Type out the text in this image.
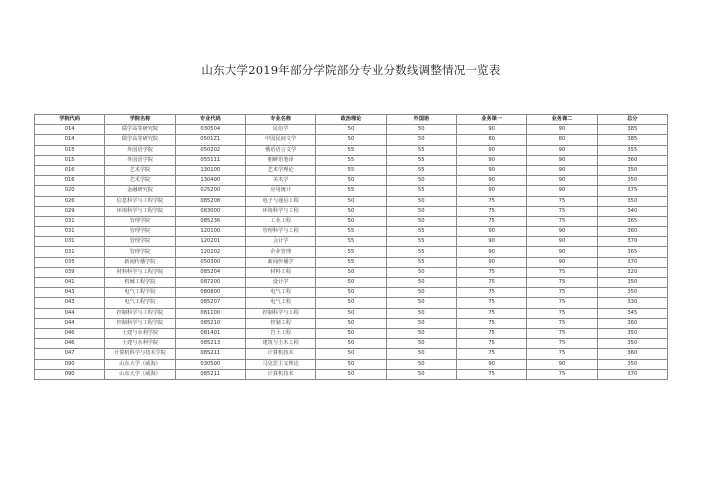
山东大学2019年部分学院部分专业分数线调整情况一览表
学院代码	学院名称	专业代码	专业名称	政治理论	外国语	业务课一	业务课二	总分
014	儒学高等研究院	030504	民俗学	50	50	90	90	385
014	儒学高等研究院	0501Z1	中国民间文学	50	50	80	80	385
015	外国语学院	050202	俄语语言文学	55	55	90	90	355
015	外国语学院	055111	朝鲜语笔译	55	55	90	90	360
016	艺术学院	130100	艺术学理论	55	55	90	90	350
016	艺术学院	130400	美术学	50	50	90	90	350
020	金融研究院	025200	应用统计	55	55	90	90	375
026	信息科学与工程学院	085208	电子与通信工程	50	50	75	75	350
029	环境科学与工程学院	083000	环境科学与工程	50	50	75	75	340
031	管理学院	085236	工业工程	50	50	75	75	365
031	管理学院	120100	管理科学与工程	55	55	90	90	360
031	管理学院	120201	会计学	55	55	90	90	370
031	管理学院	120202	企业管理	55	55	90	90	365
035	新闻传播学院	050300	新闻传播学	55	55	90	90	370
039	材料科学与工程学院	085204	材料工程	50	50	75	75	320
041	机械工程学院	087200	设计学	50	50	75	75	350
043	电气工程学院	080800	电气工程	50	50	75	75	350
043	电气工程学院	085207	电气工程	50	50	75	75	330
044	控制科学与工程学院	081100	控制科学与工程	50	50	75	75	345
044	控制科学与工程学院	085210	控制工程	50	50	75	75	360
046	土建与水利学院	081401	岩土工程	50	50	75	75	350
046	土建与水利学院	085213	建筑与土木工程	50	50	75	75	350
047	计算机科学与技术学院	085211	计算机技术	50	50	75	75	360
090	山东大学（威海）	030500	马克思主义理论	50	50	90	90	350
090	山东大学（威海）	085211	计算机技术	50	50	75	75	370
